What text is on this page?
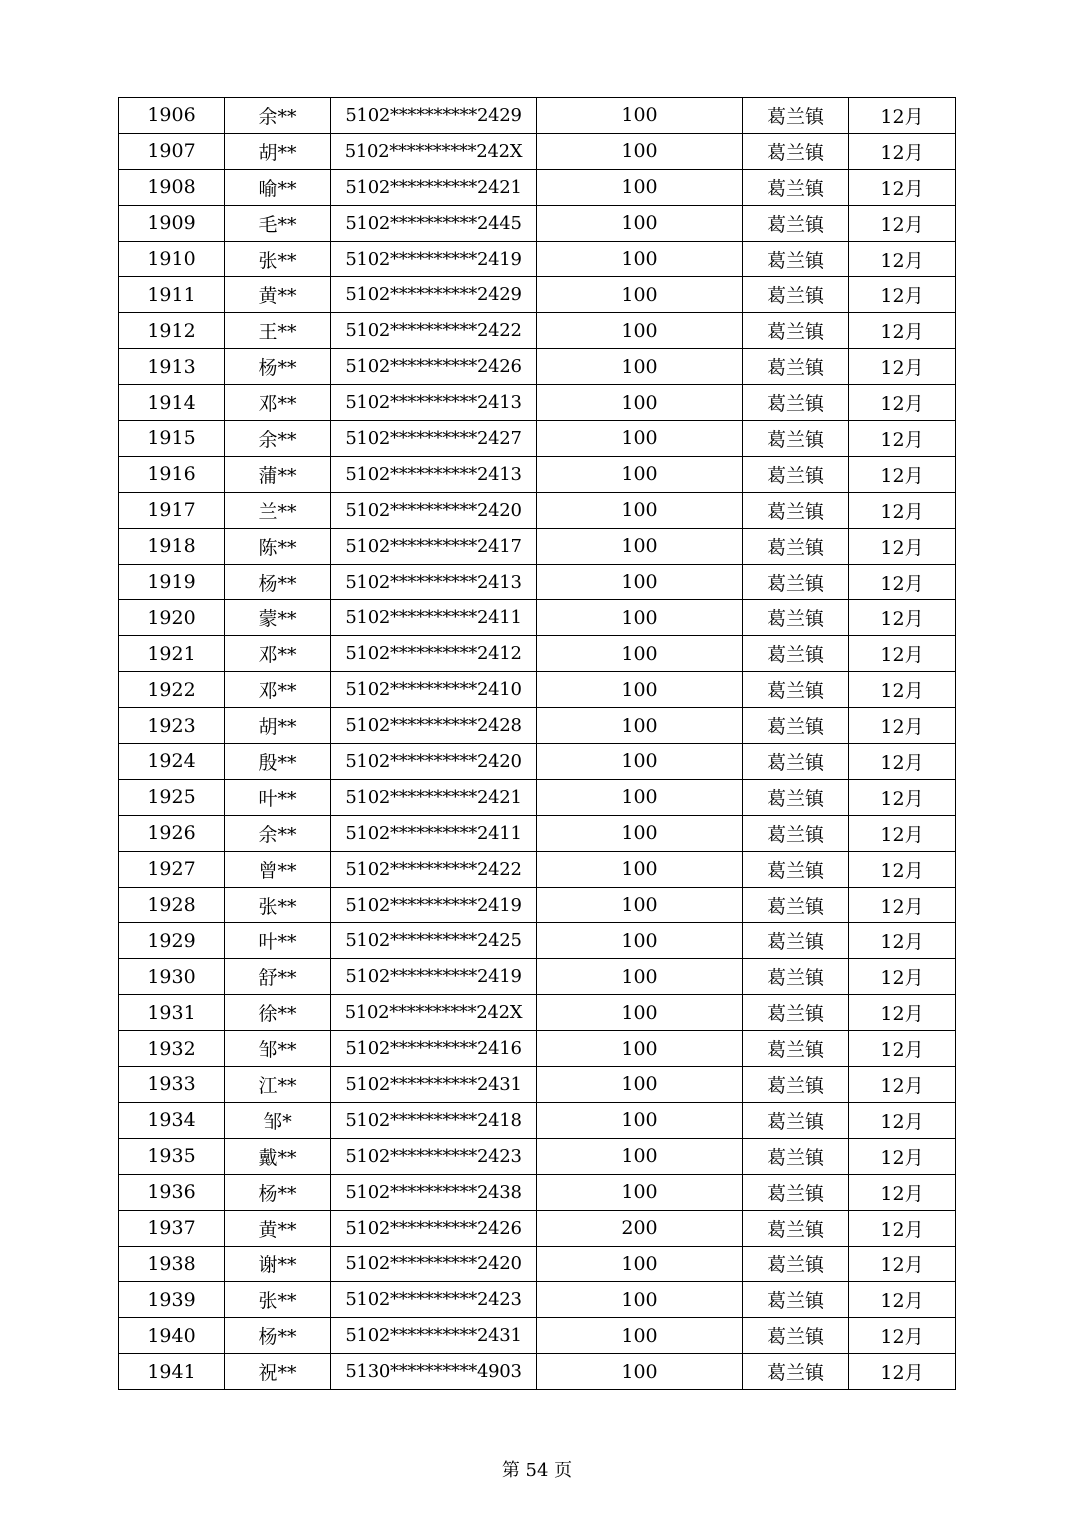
1906	余**	5102**********2429	100	葛兰镇	12月
1907	胡**	5102**********242X	100	葛兰镇	12月
1908	喻**	5102**********2421	100	葛兰镇	12月
1909	毛**	5102**********2445	100	葛兰镇	12月
1910	张**	5102**********2419	100	葛兰镇	12月
1911	黄**	5102**********2429	100	葛兰镇	12月
1912	王**	5102**********2422	100	葛兰镇	12月
1913	杨**	5102**********2426	100	葛兰镇	12月
1914	邓**	5102**********2413	100	葛兰镇	12月
1915	余**	5102**********2427	100	葛兰镇	12月
1916	蒲**	5102**********2413	100	葛兰镇	12月
1917	兰**	5102**********2420	100	葛兰镇	12月
1918	陈**	5102**********2417	100	葛兰镇	12月
1919	杨**	5102**********2413	100	葛兰镇	12月
1920	蒙**	5102**********2411	100	葛兰镇	12月
1921	邓**	5102**********2412	100	葛兰镇	12月
1922	邓**	5102**********2410	100	葛兰镇	12月
1923	胡**	5102**********2428	100	葛兰镇	12月
1924	殷**	5102**********2420	100	葛兰镇	12月
1925	叶**	5102**********2421	100	葛兰镇	12月
1926	余**	5102**********2411	100	葛兰镇	12月
1927	曾**	5102**********2422	100	葛兰镇	12月
1928	张**	5102**********2419	100	葛兰镇	12月
1929	叶**	5102**********2425	100	葛兰镇	12月
1930	舒**	5102**********2419	100	葛兰镇	12月
1931	徐**	5102**********242X	100	葛兰镇	12月
1932	邹**	5102**********2416	100	葛兰镇	12月
1933	江**	5102**********2431	100	葛兰镇	12月
1934	邹*	5102**********2418	100	葛兰镇	12月
1935	戴**	5102**********2423	100	葛兰镇	12月
1936	杨**	5102**********2438	100	葛兰镇	12月
1937	黄**	5102**********2426	200	葛兰镇	12月
1938	谢**	5102**********2420	100	葛兰镇	12月
1939	张**	5102**********2423	100	葛兰镇	12月
1940	杨**	5102**********2431	100	葛兰镇	12月
1941	祝**	5130**********4903	100	葛兰镇	12月
第 54 页
